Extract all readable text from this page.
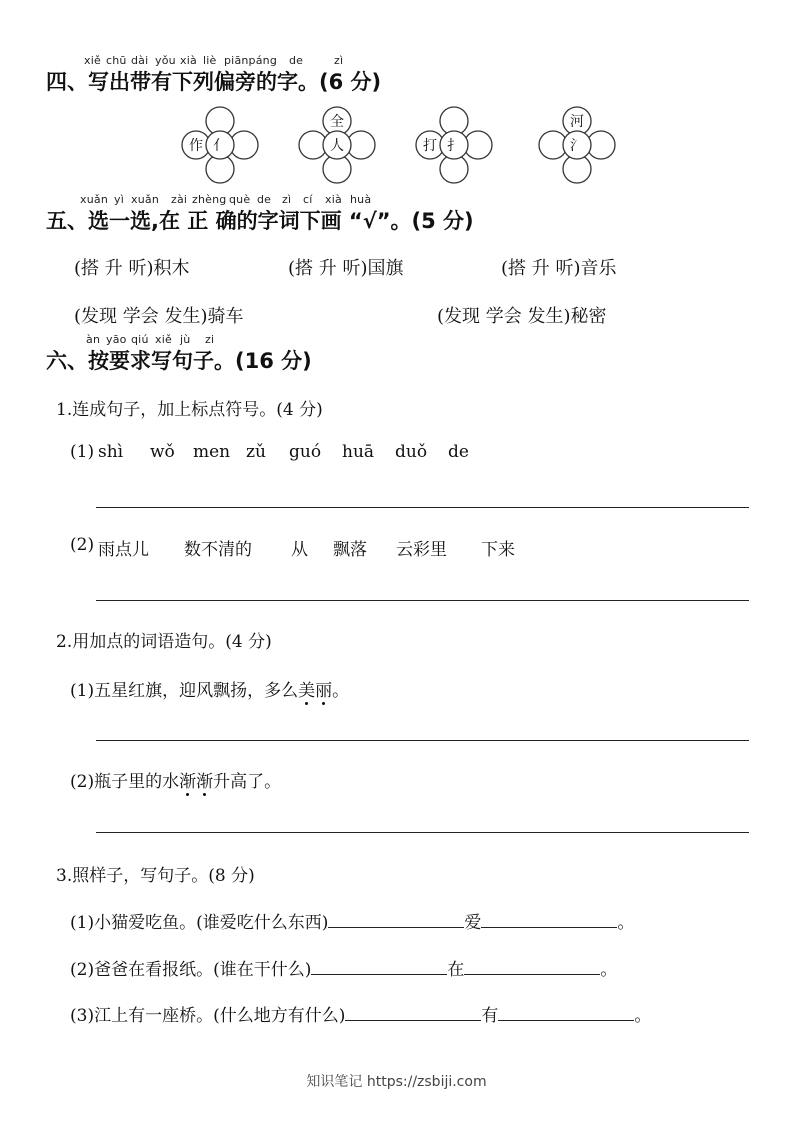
xiě chū dài yǒu xià liè piānpáng de	zì
四、写出带有下列偏旁的字。(6 分)
作 亻
全
人	打 扌
河
氵
xuǎn yì xuǎn zài zhèng què de zì cí xià huà
五、选一选,在 正 确的字词下画 “√”。(5 分)
(搭 升 听)积木	(搭 升 听)国旗	(搭 升 听)音乐
(发现 学会 发生)骑车	(发现 学会 发生)秘密
àn yāo qiú xiě jù zi
六、按要求写句子。(16 分)
1.连成句子，加上标点符号。(4 分)
(1) shì wǒ men zǔ guó huā duǒ de
(2) 雨点儿 数不清的 从 飘落 云彩里 下来
2.用加点的词语造句。(4 分)
(1)五星红旗，迎风飘扬，多么美丽。
(2)瓶子里的水渐渐升高了。
3.照样子，写句子。(8 分)
(1)小猫爱吃鱼。(谁爱吃什么东西)	爱	。
(2)爸爸在看报纸。(谁在干什么)	在	。
(3)江上有一座桥。(什么地方有什么)	有	。
知识笔记 https://zsbiji.com
